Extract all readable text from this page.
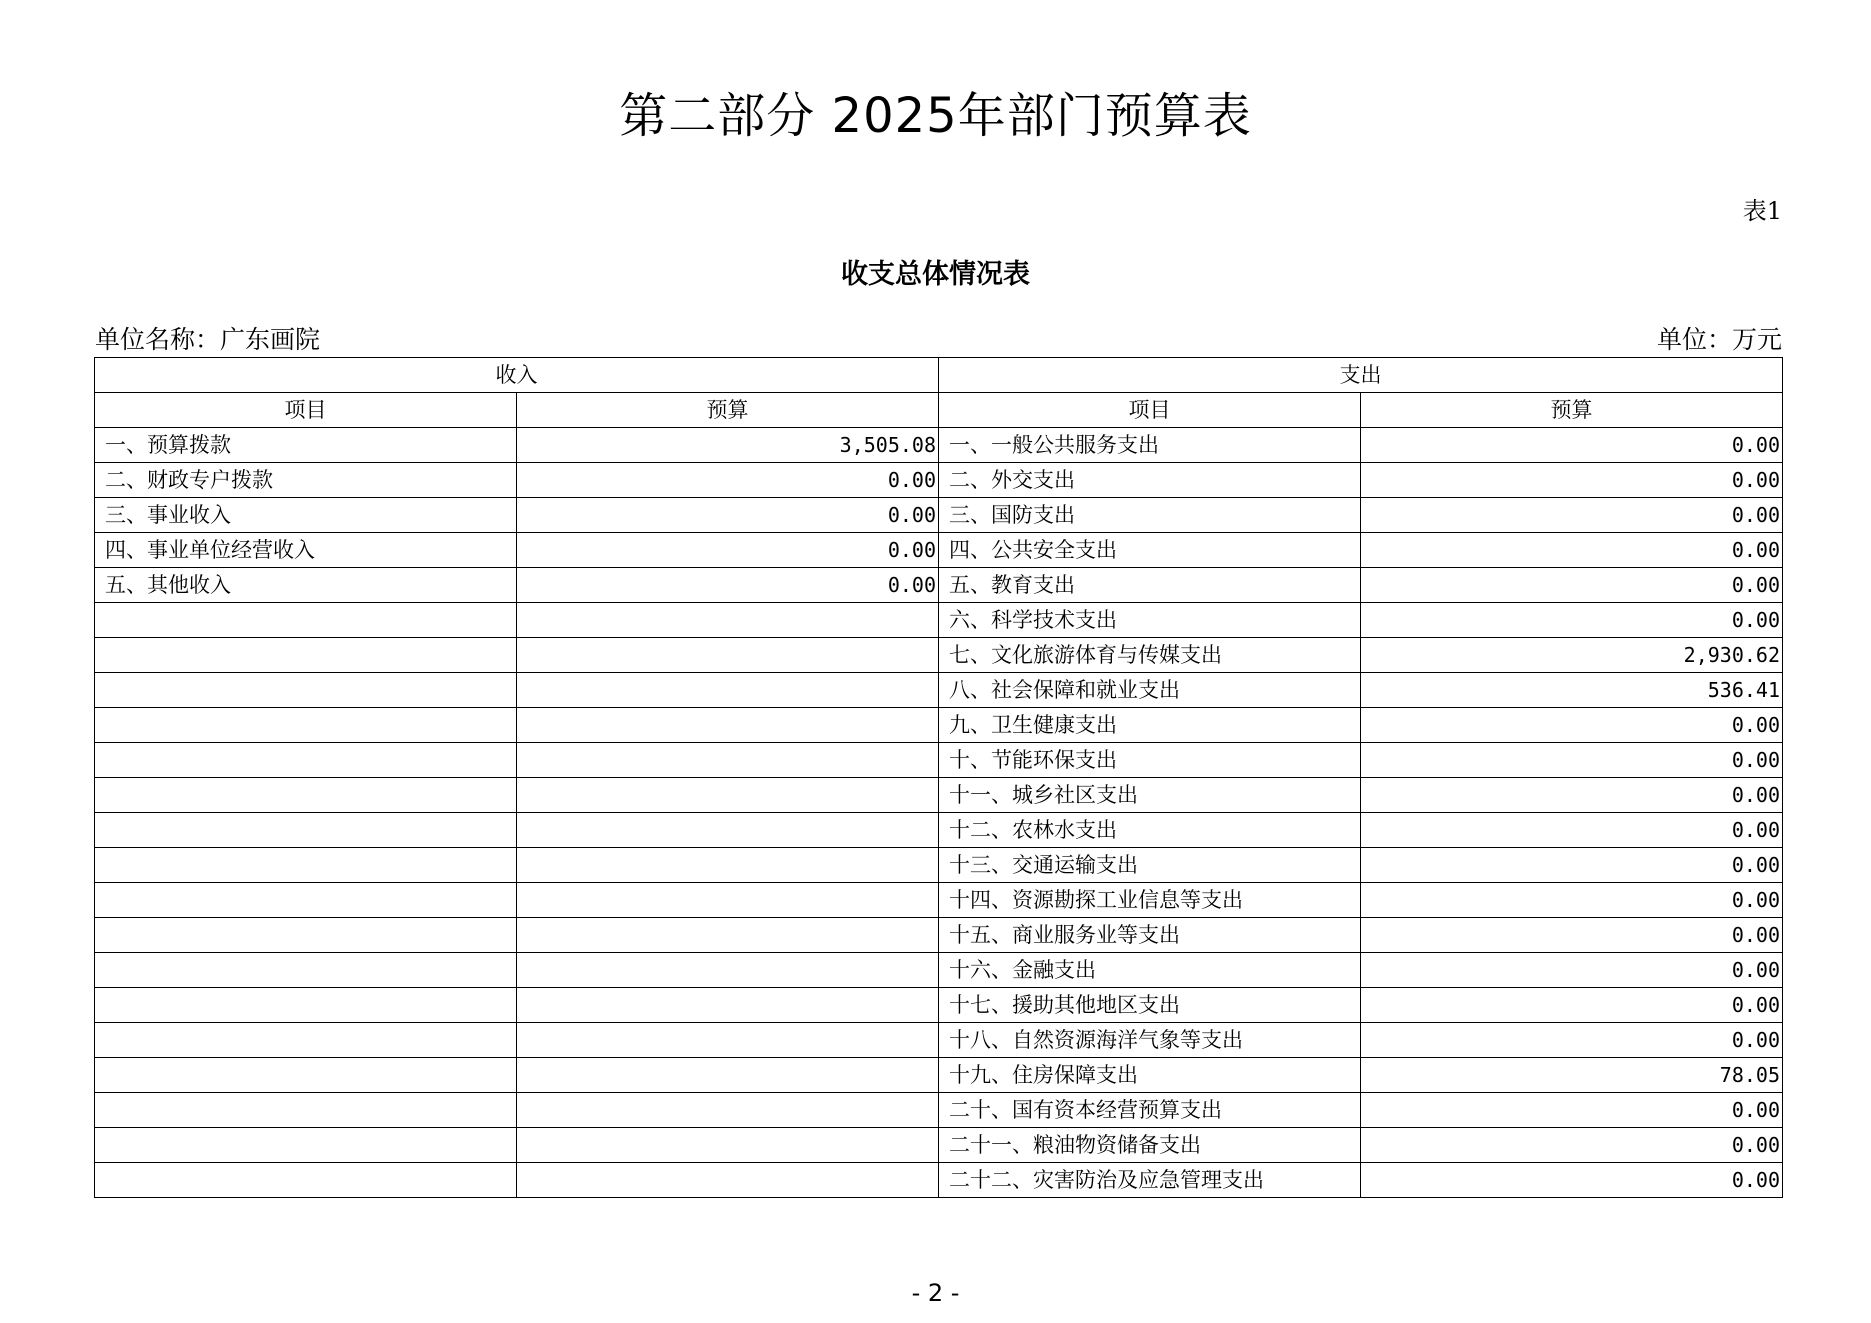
第二部分 2025年部门预算表
表1
收支总体情况表
单位名称：广东画院	单位：万元
收入		支出	
项目	预算	项目	预算
一、预算拨款	3,505.08	一、一般公共服务支出	0.00
二、财政专户拨款	0.00	二、外交支出	0.00
三、事业收入	0.00	三、国防支出	0.00
四、事业单位经营收入	0.00	四、公共安全支出	0.00
五、其他收入	0.00	五、教育支出	0.00
		六、科学技术支出	0.00
		七、文化旅游体育与传媒支出	2,930.62
		八、社会保障和就业支出	536.41
		九、卫生健康支出	0.00
		十、节能环保支出	0.00
		十一、城乡社区支出	0.00
		十二、农林水支出	0.00
		十三、交通运输支出	0.00
		十四、资源勘探工业信息等支出	0.00
		十五、商业服务业等支出	0.00
		十六、金融支出	0.00
		十七、援助其他地区支出	0.00
		十八、自然资源海洋气象等支出	0.00
		十九、住房保障支出	78.05
		二十、国有资本经营预算支出	0.00
		二十一、粮油物资储备支出	0.00
		二十二、灾害防治及应急管理支出	0.00
- 2 -
